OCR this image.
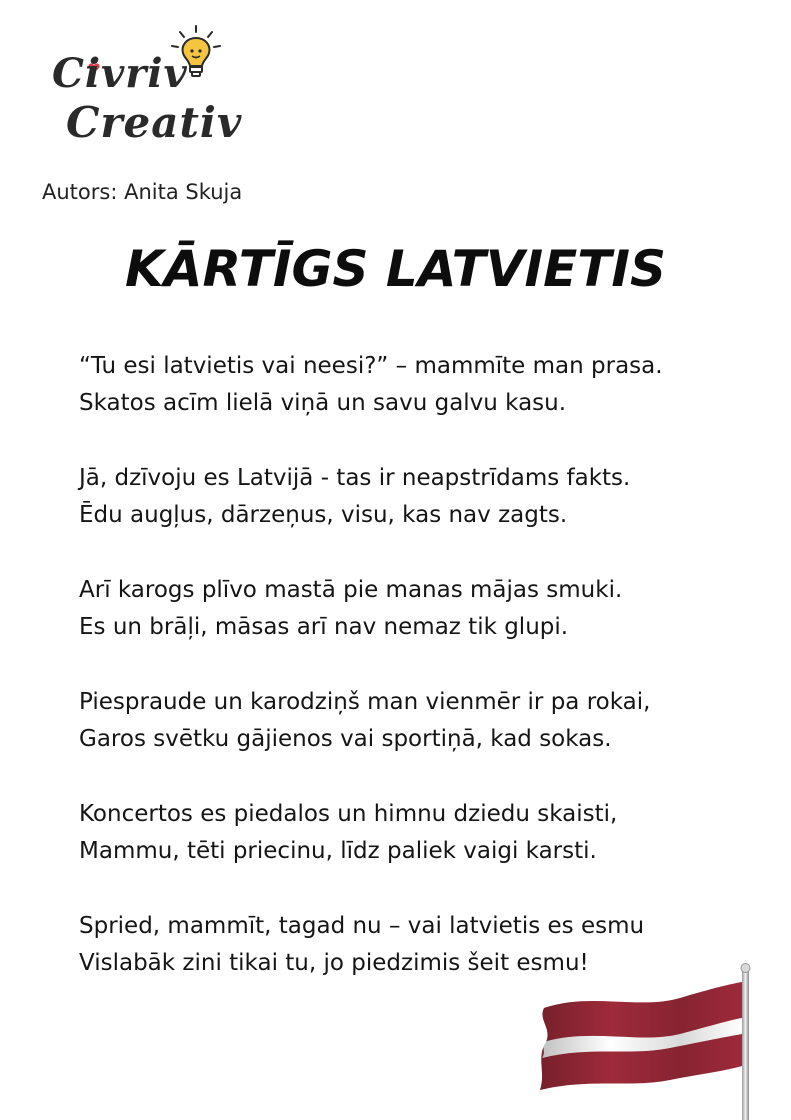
Civriv
Creativ
Autors: Anita Skuja
KĀRTĪGS LATVIETIS
“Tu esi latvietis vai neesi?” – mammīte man prasa.
Skatos acīm lielā viņā un savu galvu kasu.
Jā, dzīvoju es Latvijā - tas ir neapstrīdams fakts.
Ēdu augļus, dārzeņus, visu, kas nav zagts.
Arī karogs plīvo mastā pie manas mājas smuki.
Es un brāļi, māsas arī nav nemaz tik glupi.
Piespraude un karodziņš man vienmēr ir pa rokai,
Garos svētku gājienos vai sportiņā, kad sokas.
Koncertos es piedalos un himnu dziedu skaisti,
Mammu, tēti priecinu, līdz paliek vaigi karsti.
Spried, mammīt, tagad nu – vai latvietis es esmu
Vislabāk zini tikai tu, jo piedzimis šeit esmu!
